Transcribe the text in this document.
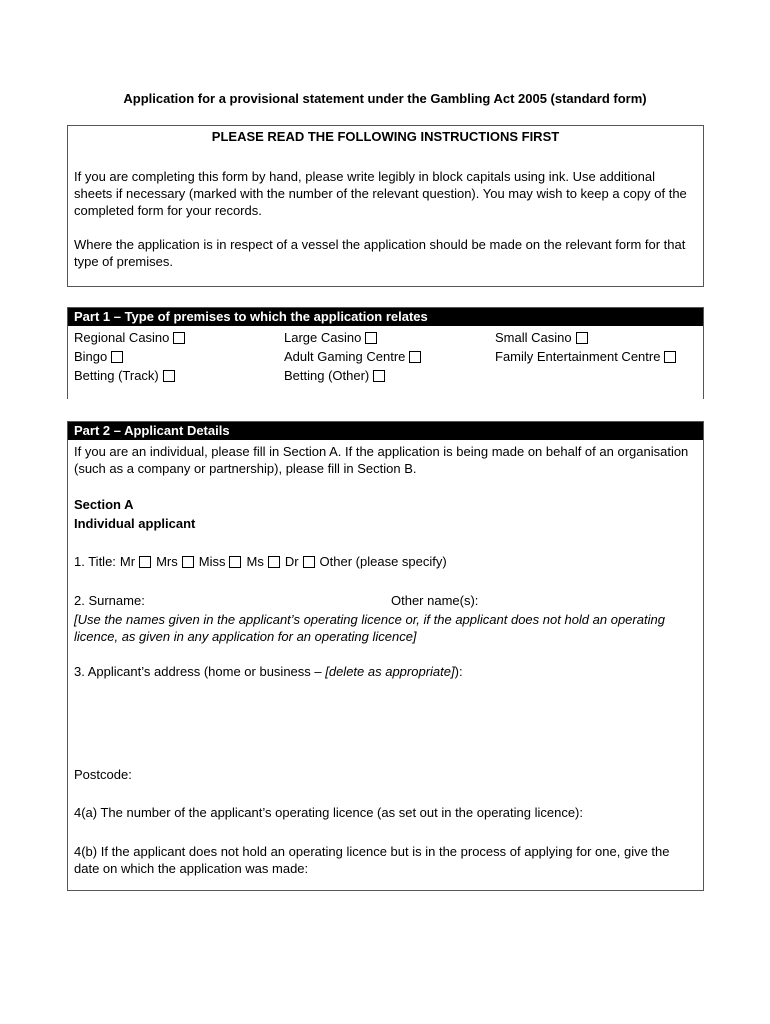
Application for a provisional statement under the Gambling Act 2005 (standard form)
PLEASE READ THE FOLLOWING INSTRUCTIONS FIRST
If you are completing this form by hand, please write legibly in block capitals using ink. Use additional sheets if necessary (marked with the number of the relevant question). You may wish to keep a copy of the completed form for your records.
Where the application is in respect of a vessel the application should be made on the relevant form for that type of premises.
Part 1 – Type of premises to which the application relates
Regional Casino	Large Casino	Small Casino
Bingo	Adult Gaming Centre	Family Entertainment Centre
Betting (Track)	Betting (Other)
Part 2 – Applicant Details
If you are an individual, please fill in Section A. If the application is being made on behalf of an organisation (such as a company or partnership), please fill in Section B.
Section A
Individual applicant
1. Title: Mr Mrs Miss Ms Dr Other (please specify)
2. Surname:	Other name(s):
[Use the names given in the applicant’s operating licence or, if the applicant does not hold an operating licence, as given in any application for an operating licence]
3. Applicant’s address (home or business – [delete as appropriate]):
Postcode:
4(a) The number of the applicant’s operating licence (as set out in the operating licence):
4(b) If the applicant does not hold an operating licence but is in the process of applying for one, give the date on which the application was made:
